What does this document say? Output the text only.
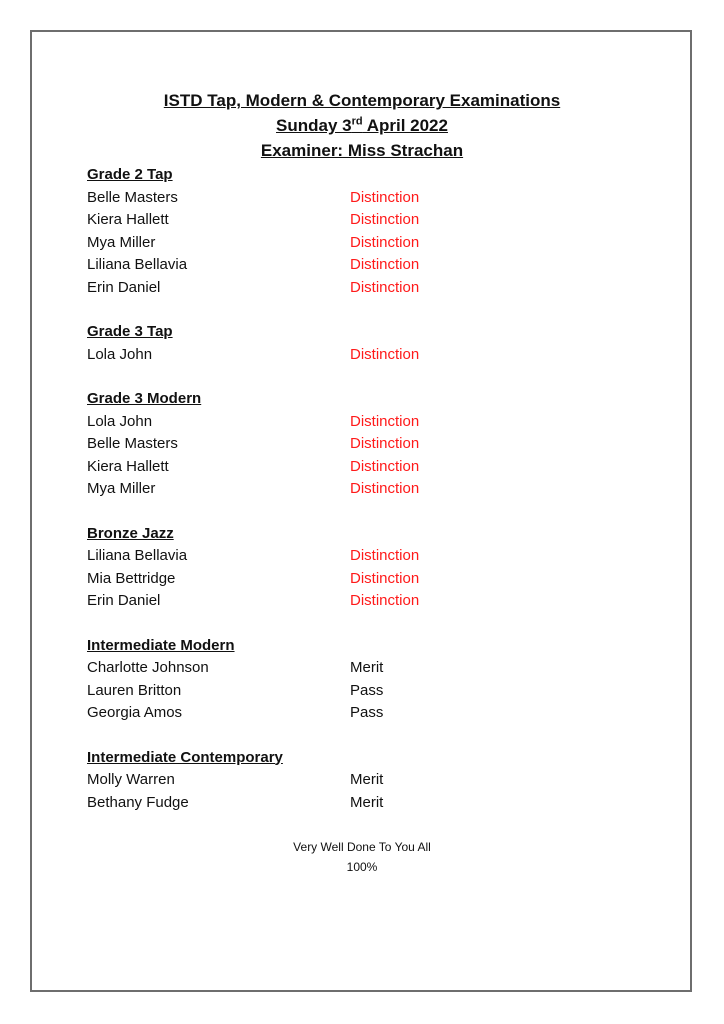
ISTD Tap, Modern & Contemporary Examinations
Sunday 3rd April 2022
Examiner: Miss Strachan
Grade 2 Tap
Belle Masters	Distinction
Kiera Hallett	Distinction
Mya Miller	Distinction
Liliana Bellavia	Distinction
Erin Daniel	Distinction
Grade 3 Tap
Lola John	Distinction
Grade 3 Modern
Lola John	Distinction
Belle Masters	Distinction
Kiera Hallett	Distinction
Mya Miller	Distinction
Bronze Jazz
Liliana Bellavia	Distinction
Mia Bettridge	Distinction
Erin Daniel	Distinction
Intermediate Modern
Charlotte Johnson	Merit
Lauren Britton	Pass
Georgia Amos	Pass
Intermediate Contemporary
Molly Warren	Merit
Bethany Fudge	Merit
Very Well Done To You All
100%
